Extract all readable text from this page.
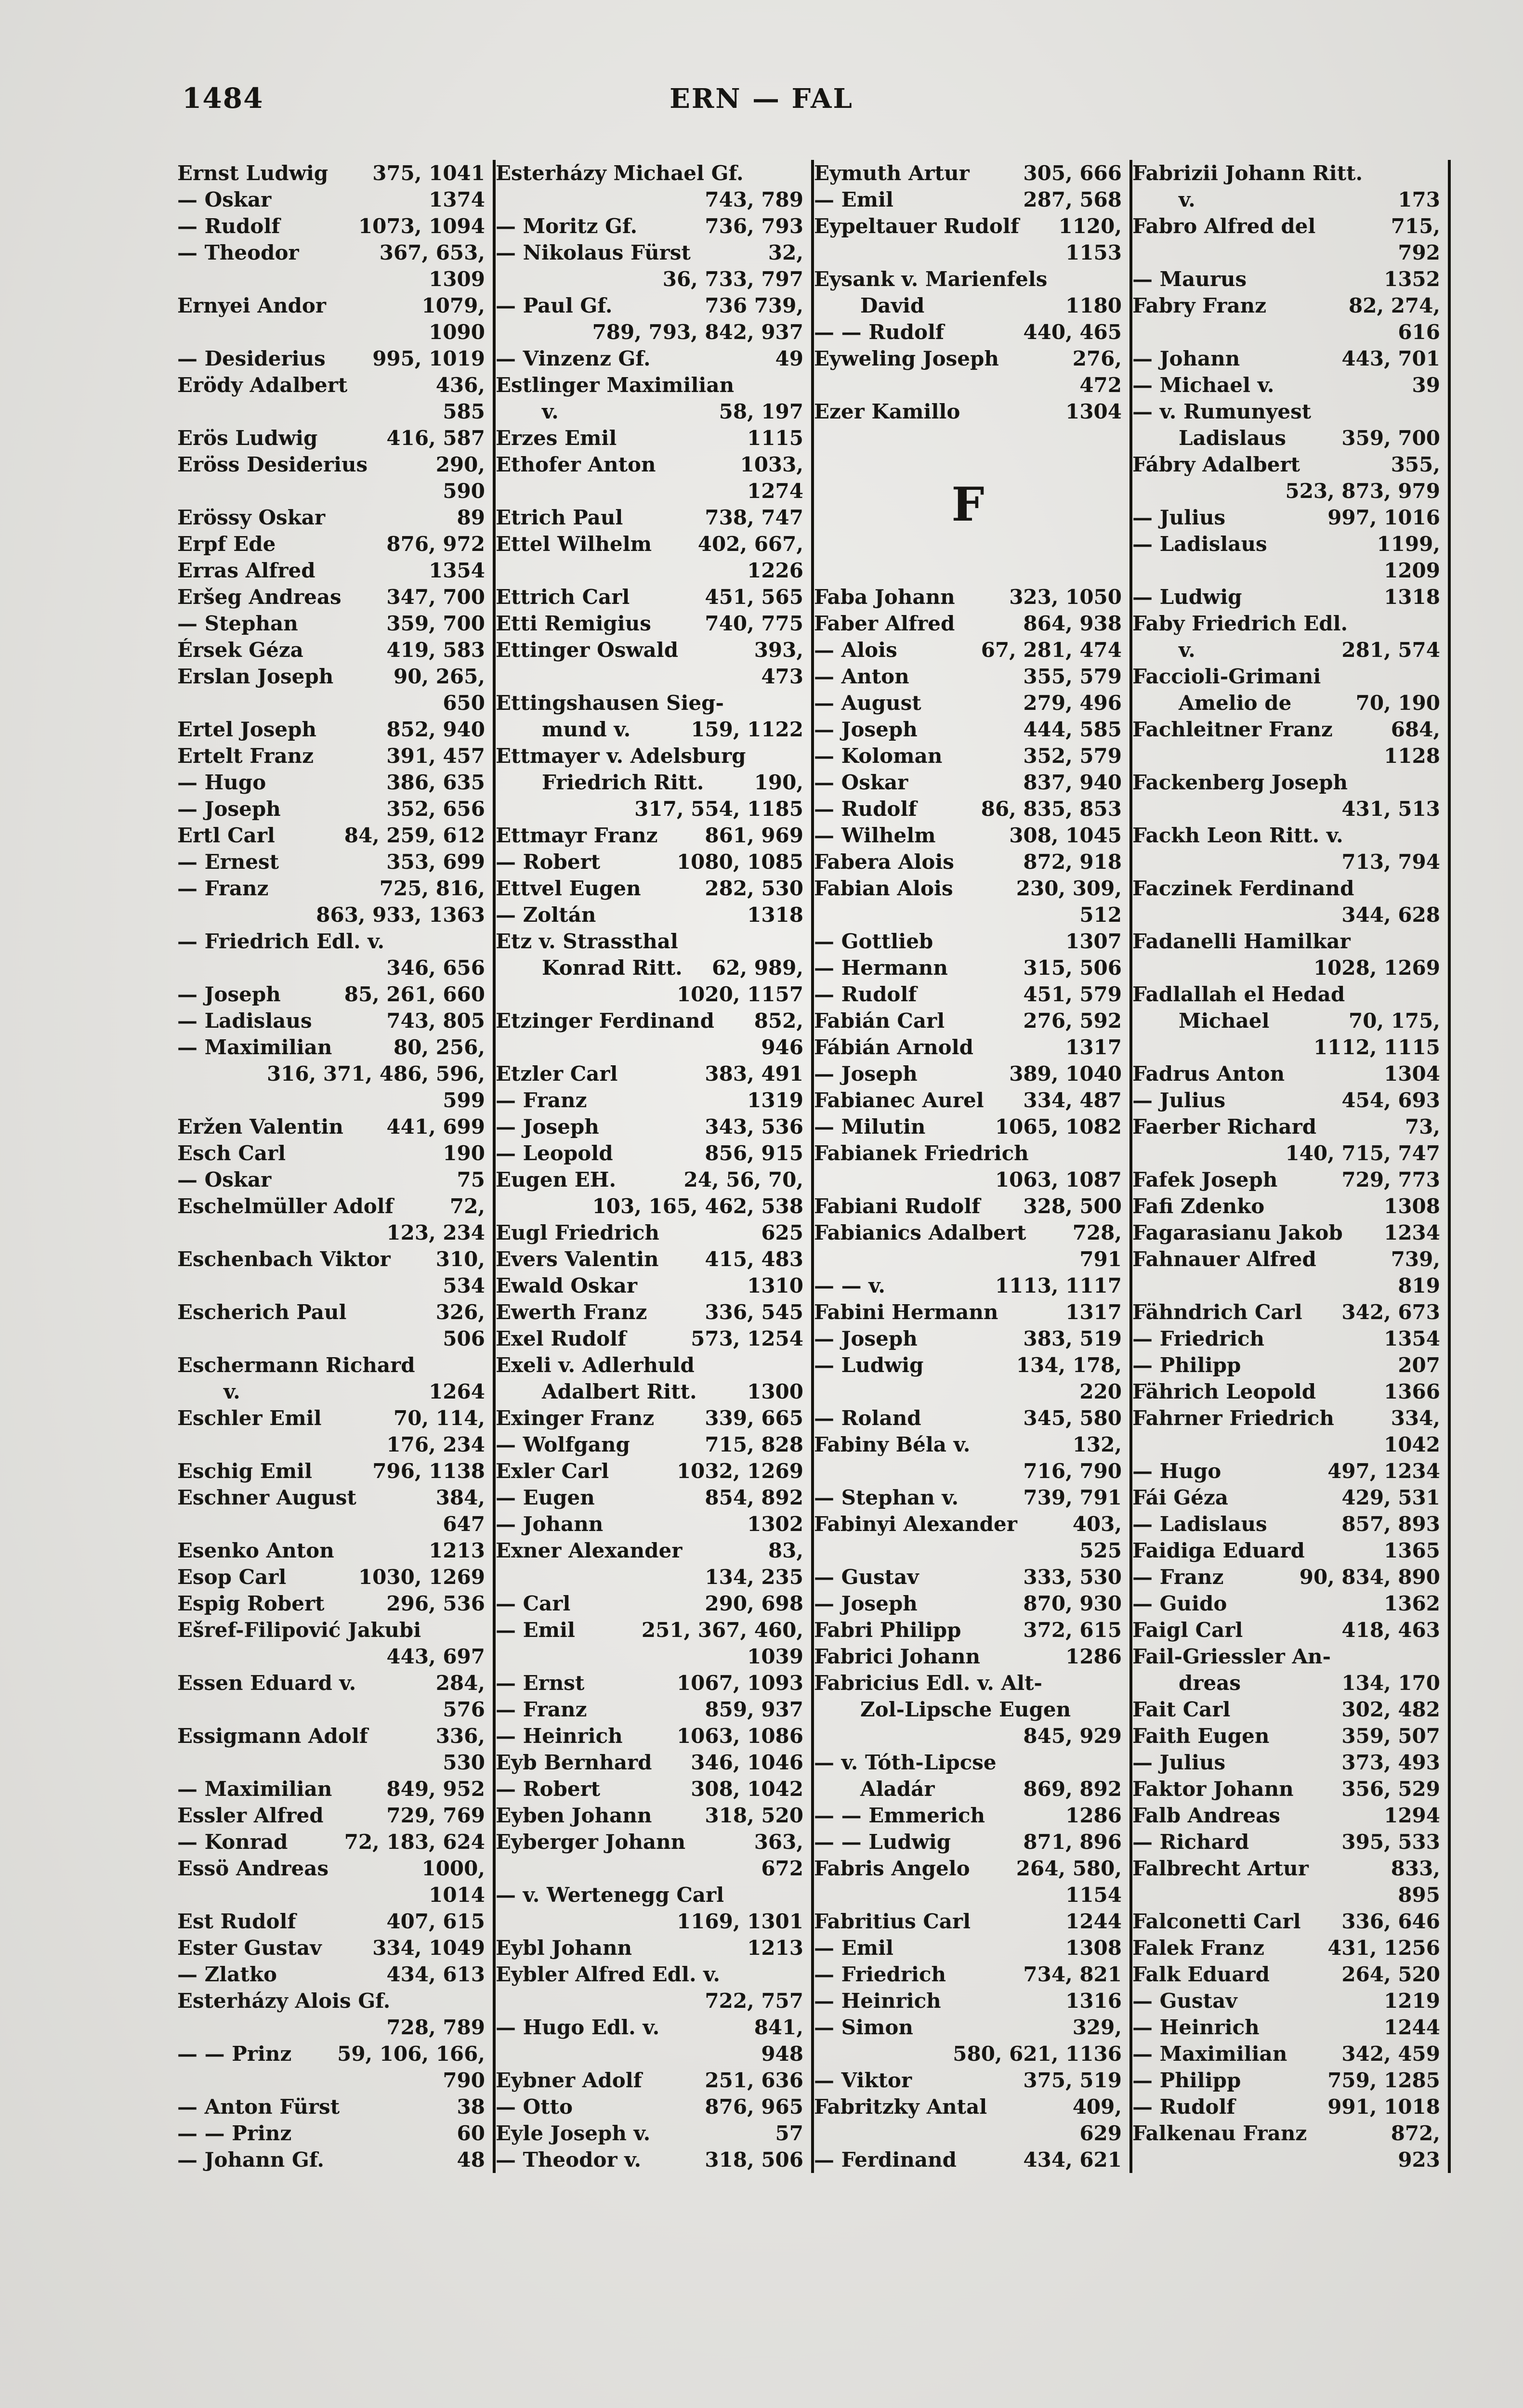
1484	ERN — FAL
Ernst Ludwig	375, 1041
— Oskar	1374
— Rudolf	1073, 1094
— Theodor	367, 653,
1309
Ernyei Andor	1079,
1090
— Desiderius	995, 1019
Erödy Adalbert	436,
585
Erös Ludwig	416, 587
Eröss Desiderius	290,
590
Erössy Oskar	89
Erpf Ede	876, 972
Erras Alfred	1354
Eršeg Andreas	347, 700
— Stephan	359, 700
Érsek Géza	419, 583
Erslan Joseph	90, 265,
650
Ertel Joseph	852, 940
Ertelt Franz	391, 457
— Hugo	386, 635
— Joseph	352, 656
Ertl Carl	84, 259, 612
— Ernest	353, 699
— Franz	725, 816,
863, 933, 1363
— Friedrich Edl. v.
346, 656
— Joseph	85, 261, 660
— Ladislaus	743, 805
— Maximilian	80, 256,
316, 371, 486, 596,
599
Eržen Valentin	441, 699
Esch Carl	190
— Oskar	75
Eschelmüller Adolf	72,
123, 234
Eschenbach Viktor	310,
534
Escherich Paul	326,
506
Eschermann Richard
v.	1264
Eschler Emil	70, 114,
176, 234
Eschig Emil	796, 1138
Eschner August	384,
647
Esenko Anton	1213
Esop Carl	1030, 1269
Espig Robert	296, 536
Ešref-Filipović Jakubi
443, 697
Essen Eduard v.	284,
576
Essigmann Adolf	336,
530
— Maximilian	849, 952
Essler Alfred	729, 769
— Konrad	72, 183, 624
Essö Andreas	1000,
1014
Est Rudolf	407, 615
Ester Gustav	334, 1049
— Zlatko	434, 613
Esterházy Alois Gf.
728, 789
— — Prinz	59, 106, 166,
790
— Anton Fürst	38
— — Prinz	60
— Johann Gf.	48
Esterházy Michael Gf.
743, 789
— Moritz Gf.	736, 793
— Nikolaus Fürst	32,
36, 733, 797
— Paul Gf.	736 739,
789, 793, 842, 937
— Vinzenz Gf.	49
Estlinger Maximilian
v.	58, 197
Erzes Emil	1115
Ethofer Anton	1033,
1274
Etrich Paul	738, 747
Ettel Wilhelm	402, 667,
1226
Ettrich Carl	451, 565
Etti Remigius	740, 775
Ettinger Oswald	393,
473
Ettingshausen Sieg-
mund v.	159, 1122
Ettmayer v. Adelsburg
Friedrich Ritt.	190,
317, 554, 1185
Ettmayr Franz	861, 969
— Robert	1080, 1085
Ettvel Eugen	282, 530
— Zoltán	1318
Etz v. Strassthal
Konrad Ritt.	62, 989,
1020, 1157
Etzinger Ferdinand	852,
946
Etzler Carl	383, 491
— Franz	1319
— Joseph	343, 536
— Leopold	856, 915
Eugen EH.	24, 56, 70,
103, 165, 462, 538
Eugl Friedrich	625
Evers Valentin	415, 483
Ewald Oskar	1310
Ewerth Franz	336, 545
Exel Rudolf	573, 1254
Exeli v. Adlerhuld
Adalbert Ritt.	1300
Exinger Franz	339, 665
— Wolfgang	715, 828
Exler Carl	1032, 1269
— Eugen	854, 892
— Johann	1302
Exner Alexander	83,
134, 235
— Carl	290, 698
— Emil	251, 367, 460,
1039
— Ernst	1067, 1093
— Franz	859, 937
— Heinrich	1063, 1086
Eyb Bernhard	346, 1046
— Robert	308, 1042
Eyben Johann	318, 520
Eyberger Johann	363,
672
— v. Wertenegg Carl
1169, 1301
Eybl Johann	1213
Eybler Alfred Edl. v.
722, 757
— Hugo Edl. v.	841,
948
Eybner Adolf	251, 636
— Otto	876, 965
Eyle Joseph v.	57
— Theodor v.	318, 506
Eymuth Artur	305, 666
— Emil	287, 568
Eypeltauer Rudolf	1120,
1153
Eysank v. Marienfels
David	1180
— — Rudolf	440, 465
Eyweling Joseph	276,
472
Ezer Kamillo	1304
F
Faba Johann	323, 1050
Faber Alfred	864, 938
— Alois	67, 281, 474
— Anton	355, 579
— August	279, 496
— Joseph	444, 585
— Koloman	352, 579
— Oskar	837, 940
— Rudolf	86, 835, 853
— Wilhelm	308, 1045
Fabera Alois	872, 918
Fabian Alois	230, 309,
512
— Gottlieb	1307
— Hermann	315, 506
— Rudolf	451, 579
Fabián Carl	276, 592
Fábián Arnold	1317
— Joseph	389, 1040
Fabianec Aurel	334, 487
— Milutin	1065, 1082
Fabianek Friedrich
1063, 1087
Fabiani Rudolf	328, 500
Fabianics Adalbert	728,
791
— — v.	1113, 1117
Fabini Hermann	1317
— Joseph	383, 519
— Ludwig	134, 178,
220
— Roland	345, 580
Fabiny Béla v.	132,
716, 790
— Stephan v.	739, 791
Fabinyi Alexander	403,
525
— Gustav	333, 530
— Joseph	870, 930
Fabri Philipp	372, 615
Fabrici Johann	1286
Fabricius Edl. v. Alt-
Zol-Lipsche Eugen
845, 929
— v. Tóth-Lipcse
Aladár	869, 892
— — Emmerich	1286
— — Ludwig	871, 896
Fabris Angelo	264, 580,
1154
Fabritius Carl	1244
— Emil	1308
— Friedrich	734, 821
— Heinrich	1316
— Simon	329,
580, 621, 1136
— Viktor	375, 519
Fabritzky Antal	409,
629
— Ferdinand	434, 621
Fabrizii Johann Ritt.
v.	173
Fabro Alfred del	715,
792
— Maurus	1352
Fabry Franz	82, 274,
616
— Johann	443, 701
— Michael v.	39
— v. Rumunyest
Ladislaus	359, 700
Fábry Adalbert	355,
523, 873, 979
— Julius	997, 1016
— Ladislaus	1199,
1209
— Ludwig	1318
Faby Friedrich Edl.
v.	281, 574
Faccioli-Grimani
Amelio de	70, 190
Fachleitner Franz	684,
1128
Fackenberg Joseph
431, 513
Fackh Leon Ritt. v.
713, 794
Faczinek Ferdinand
344, 628
Fadanelli Hamilkar
1028, 1269
Fadlallah el Hedad
Michael	70, 175,
1112, 1115
Fadrus Anton	1304
— Julius	454, 693
Faerber Richard	73,
140, 715, 747
Fafek Joseph	729, 773
Fafi Zdenko	1308
Fagarasianu Jakob	1234
Fahnauer Alfred	739,
819
Fähndrich Carl	342, 673
— Friedrich	1354
— Philipp	207
Fährich Leopold	1366
Fahrner Friedrich	334,
1042
— Hugo	497, 1234
Fái Géza	429, 531
— Ladislaus	857, 893
Faidiga Eduard	1365
— Franz	90, 834, 890
— Guido	1362
Faigl Carl	418, 463
Fail-Griessler An-
dreas	134, 170
Fait Carl	302, 482
Faith Eugen	359, 507
— Julius	373, 493
Faktor Johann	356, 529
Falb Andreas	1294
— Richard	395, 533
Falbrecht Artur	833,
895
Falconetti Carl	336, 646
Falek Franz	431, 1256
Falk Eduard	264, 520
— Gustav	1219
— Heinrich	1244
— Maximilian	342, 459
— Philipp	759, 1285
— Rudolf	991, 1018
Falkenau Franz	872,
923
